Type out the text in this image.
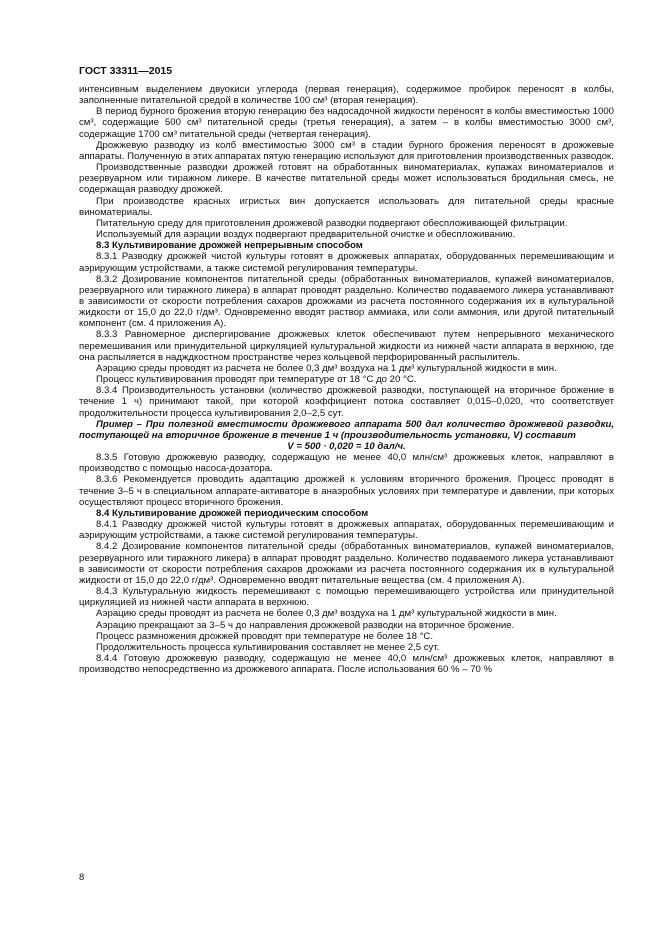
ГОСТ 33311—2015

интенсивным выделением двуокиси углерода (первая генерация), содержимое пробирок переносят в колбы, заполненные питательной средой в количестве 100 см³ (вторая генерация).

В период бурного брожения вторую генерацию без надосадочной жидкости переносят в колбы вместимостью 1000 см³, содержащие 500 см³ питательной среды (третья генерация), а затем – в колбы вместимостью 3000 см³, содержащие 1700 см³ питательной среды (четвертая генерация).

Дрожжевую разводку из колб вместимостью 3000 см³ в стадии бурного брожения переносят в дрожжевые аппараты. Полученную в этих аппаратах пятую генерацию используют для приготовления производственных разводок.

Производственные разводки дрожжей готовят на обработанных виноматериалах, купажах виноматериалов и резервуарном или тиражном ликере. В качестве питательной среды может использоваться бродильная смесь, не содержащая разводку дрожжей.

При производстве красных игристых вин допускается использовать для питательной среды красные виноматериалы.

Питательную среду для приготовления дрожжевой разводки подвергают обеспложивающей фильтрации.

Используемый для аэрации воздух подвергают предварительной очистке и обеспложиванию.

8.3 Культивирование дрожжей непрерывным способом

8.3.1 Разводку дрожжей чистой культуры готовят в дрожжевых аппаратах, оборудованных перемешивающим и аэрирующим устройствами, а также системой регулирования температуры.

8.3.2 Дозирование компонентов питательной среды (обработанных виноматериалов, купажей виноматериалов, резервуарного или тиражного ликера) в аппарат проводят раздельно. Количество подаваемого ликера устанавливают в зависимости от скорости потребления сахаров дрожжами из расчета постоянного содержания их в культуральной жидкости от 15,0 до 22,0 г/дм³. Одновременно вводят раствор аммиака, или соли аммония, или другой питательный компонент (см. 4 приложения А).

8.3.3 Равномерное диспергирование дрожжевых клеток обеспечивают путем непрерывного механического перемешивания или принудительной циркуляцией культуральной жидкости из нижней части аппарата в верхнюю, где она распыляется в надждкостном пространстве через кольцевой перфорированный распылитель.

Аэрацию среды проводят из расчета не более 0,3 дм³ воздуха на 1 дм³ культуральной жидкости в мин.

Процесс культивирования проводят при температуре от 18 °С до 20 °С.

8.3.4 Производительность установки (количество дрожжевой разводки, поступающей на вторичное брожение в течение 1 ч) принимают такой, при которой коэффициент потока составляет 0,015–0,020, что соответствует продолжительности процесса культивирования 2,0–2,5 сут.

Пример – При полезной вместимости дрожжевого аппарата 500 дал количество дрожжевой разводки, поступающей на вторичное брожение в течение 1 ч (производительность установки, V) составит

V = 500 · 0,020 = 10 дал/ч.

8.3.5 Готовую дрожжевую разводку, содержащую не менее 40,0 млн/см³ дрожжевых клеток, направляют в производство с помощью насоса-дозатора.

8.3.6 Рекомендуется проводить адаптацию дрожжей к условиям вторичного брожения. Процесс проводят в течение 3–5 ч в специальном аппарате-активаторе в анаэробных условиях при температуре и давлении, при которых осуществляют процесс вторичного брожения.

8.4 Культивирование дрожжей периодическим способом

8.4.1 Разводку дрожжей чистой культуры готовят в дрожжевых аппаратах, оборудованных перемешивающим и аэрирующим устройствами, а также системой регулирования температуры.

8.4.2 Дозирование компонентов питательной среды (обработанных виноматериалов, купажей виноматериалов, резервуарного или тиражного ликера) в аппарат проводят раздельно. Количество подаваемого ликера устанавливают в зависимости от скорости потребления сахаров дрожжами из расчета постоянного содержания их в культуральной жидкости от 15,0 до 22,0 г/дм³. Одновременно вводят питательные вещества (см. 4 приложения А).

8.4.3 Культуральную жидкость перемешивают с помощью перемешивающего устройства или принудительной циркуляцией из нижней части аппарата в верхнюю.

Аэрацию среды проводят из расчета не более 0,3 дм³ воздуха на 1 дм³ культуральной жидкости в мин.

Аэрацию прекращают за 3–5 ч до направления дрожжевой разводки на вторичное брожение.

Процесс размножения дрожжей проводят при температуре не более 18 °С.

Продолжительность процесса культивирования составляет не менее 2,5 сут.

8.4.4 Готовую дрожжевую разводку, содержащую не менее 40,0 млн/см³ дрожжевых клеток, направляют в производство непосредственно из дрожжевого аппарата. После использования 60 % – 70 %

8
